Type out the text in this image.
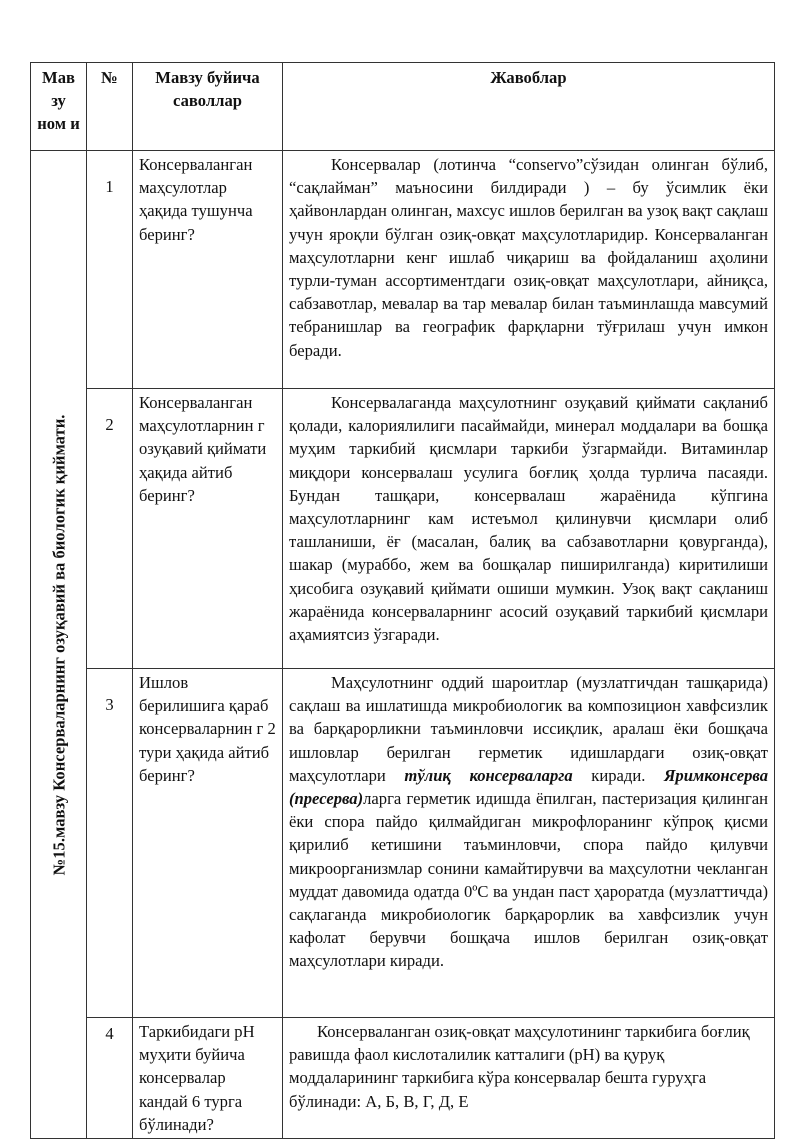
Мав зу ном и	№	Мавзу буйича саволлар	Жавоблар

№15.мавзу Консерваларнинг озуқавий ва биологик қиймати.	1	Консерваланган маҳсулотлар ҳақида тушунча беринг?	Консервалар (лотинча “conservo”сўзидан олинган бўлиб, “сақлайман” маъносини билдиради ) – бу ўсимлик ёки ҳайвонлардан олинган, махсус ишлов берилган ва узоқ вақт сақлаш учун яроқли бўлган озиқ-овқат маҳсулотларидир. Консерваланган маҳсулотларни кенг ишлаб чиқариш ва фойдаланиш аҳолини турли-туман ассортиментдаги озиқ-овқат маҳсулотлари, айниқса, сабзавотлар, мевалар ва тар мевалар билан таъминлашда мавсумий тебранишлар ва географик фарқларни тўғрилаш учун имкон беради.
	2	Консерваланган маҳсулотларнин г озуқавий қиймати ҳақида айтиб беринг?	Консервалаганда маҳсулотнинг озуқавий қиймати сақланиб қолади, калориялилиги пасаймайди, минерал моддалари ва бошқа муҳим таркибий қисмлари таркиби ўзгармайди. Витаминлар миқдори консервалаш усулига боғлиқ ҳолда турлича пасаяди. Бундан ташқари, консервалаш жараёнида кўпгина маҳсулотларнинг кам истеъмол қилинувчи қисмлари олиб ташланиши, ёғ (масалан, балиқ ва сабзавотларни қовурганда), шакар (мураббо, жем ва бошқалар пиширилганда) киритилиши ҳисобига озуқавий қиймати ошиши мумкин. Узоқ вақт сақланиш жараёнида консерваларнинг асосий озуқавий таркибий қисмлари аҳамиятсиз ўзгаради.
	3	Ишлов берилишига қараб консерваларнин г 2 тури ҳақида айтиб беринг?	Маҳсулотнинг оддий шароитлар (музлатгичдан ташқарида) сақлаш ва ишлатишда микробиологик ва композицион хавфсизлик ва барқарорликни таъминловчи иссиқлик, аралаш ёки бошқача ишловлар берилган герметик идишлардаги озиқ-овқат маҳсулотлари тўлиқ консерваларга киради. Яримконсерва (пресерва)ларга герметик идишда ёпилган, пастеризация қилинган ёки спора пайдо қилмайдиган микрофлоранинг кўпроқ қисми қирилиб кетишини таъминловчи, спора пайдо қилувчи микроорганизмлар сонини камайтирувчи ва маҳсулотни чекланган муддат давомида одатда 0ºС ва ундан паст ҳароратда (музлаттичда) сақлаганда микробиологик барқарорлик ва хавфсизлик учун кафолат берувчи бошқача ишлов берилган озиқ-овқат маҳсулотлари киради.
	4	Таркибидаги pH муҳити буйича консервалар кандай 6 турга бўлинади?	Консерваланган озиқ-овқат маҳсулотининг таркибига боғлиқ равишда фаол кислоталилик катталиги (pH) ва қуруқ моддаларининг таркибига кўра консервалар бешта гуруҳга бўлинади: А, Б, В, Г, Д, Е
